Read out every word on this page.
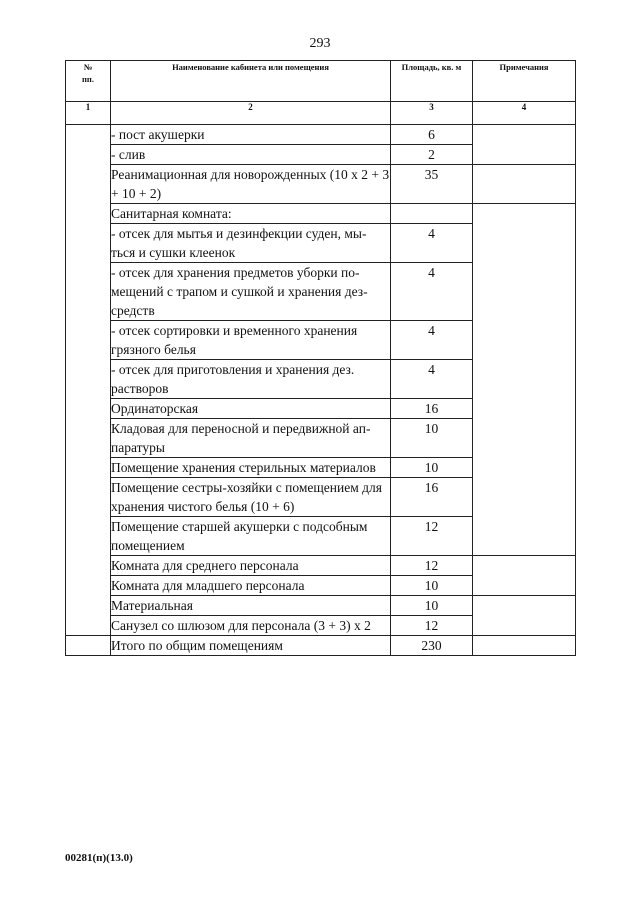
293
№
пп.	Наименование кабинета или помещения	Площадь, кв. м	Примечания
1	2	3	4
	- пост акушерки	6	
	- слив	2	
	Реанимационная для новорожденных (10 x 2 + 3 + 10 + 2)	35	
	Санитарная комната:		
	- отсек для мытья и дезинфекции суден, мы-ться и сушки клеенок	4	
	- отсек для хранения предметов уборки по-мещений с трапом и сушкой и хранения дез-средств	4	
	- отсек сортировки и временного хранения грязного белья	4	
	- отсек для приготовления и хранения дез. растворов	4	
	Ординаторская	16	
	Кладовая для переносной и передвижной ап-паратуры	10	
	Помещение хранения стерильных материалов	10	
	Помещение сестры-хозяйки с помещением для хранения чистого белья (10 + 6)	16	
	Помещение старшей акушерки с подсобным помещением	12	
	Комната для среднего персонала	12	
	Комната для младшего персонала	10	
	Материальная	10	
	Санузел со шлюзом для персонала (3 + 3) x 2	12	
	Итого по общим помещениям	230	
00281(п)(13.0)
